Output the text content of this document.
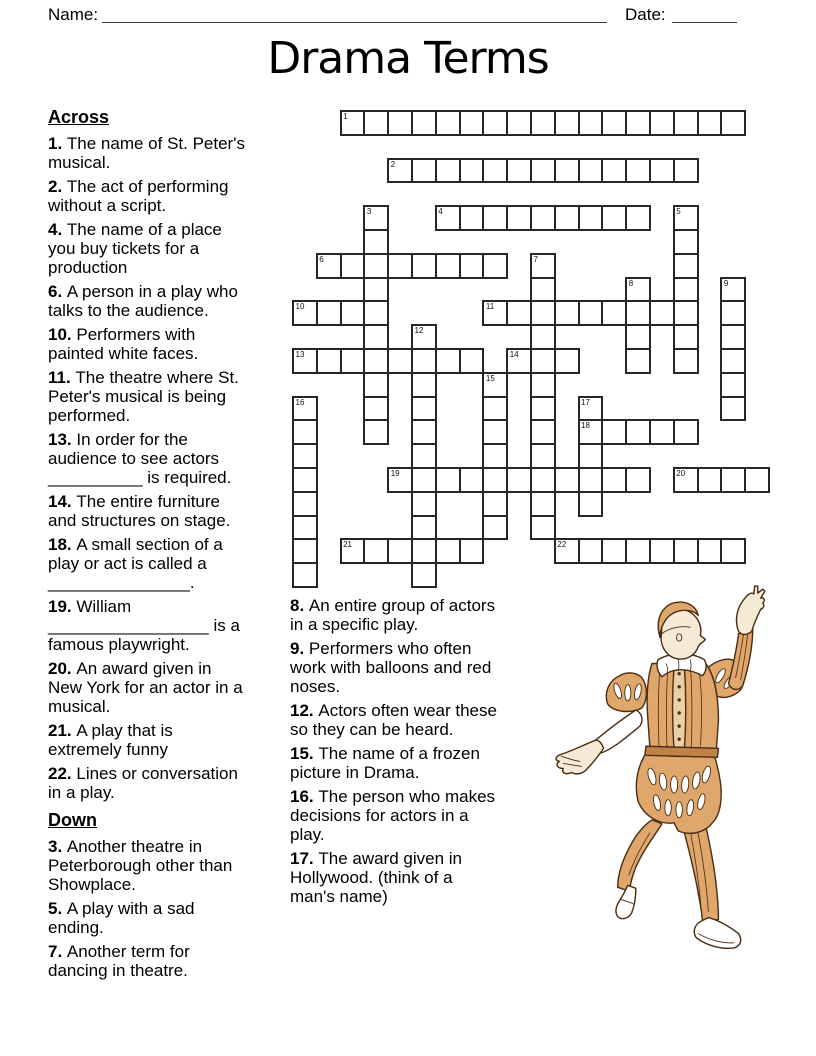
Name:	Date:
Drama Terms
Across
1. The name of St. Peter's musical.
2. The act of performing without a script.
4. The name of a place you buy tickets for a production
6. A person in a play who talks to the audience.
10. Performers with painted white faces.
11. The theatre where St. Peter's musical is being performed.
13. In order for the audience to see actors __________ is required.
14. The entire furniture and structures on stage.
18. A small section of a play or act is called a _______________.
19. William _________________ is a famous playwright.
20. An award given in New York for an actor in a musical.
21. A play that is extremely funny
22. Lines or conversation in a play.
Down
3. Another theatre in Peterborough other than Showplace.
5. A play with a sad ending.
7. Another term for dancing in theatre.
8. An entire group of actors in a specific play.
9. Performers who often work with balloons and red noses.
12. Actors often wear these so they can be heard.
15. The name of a frozen picture in Drama.
16. The person who makes decisions for actors in a play.
17. The award given in Hollywood. (think of a man's name)
1
2
3	4	5
6	7
8	9
10	11
12
13	14
15
16	17
18
19	20
21	22
